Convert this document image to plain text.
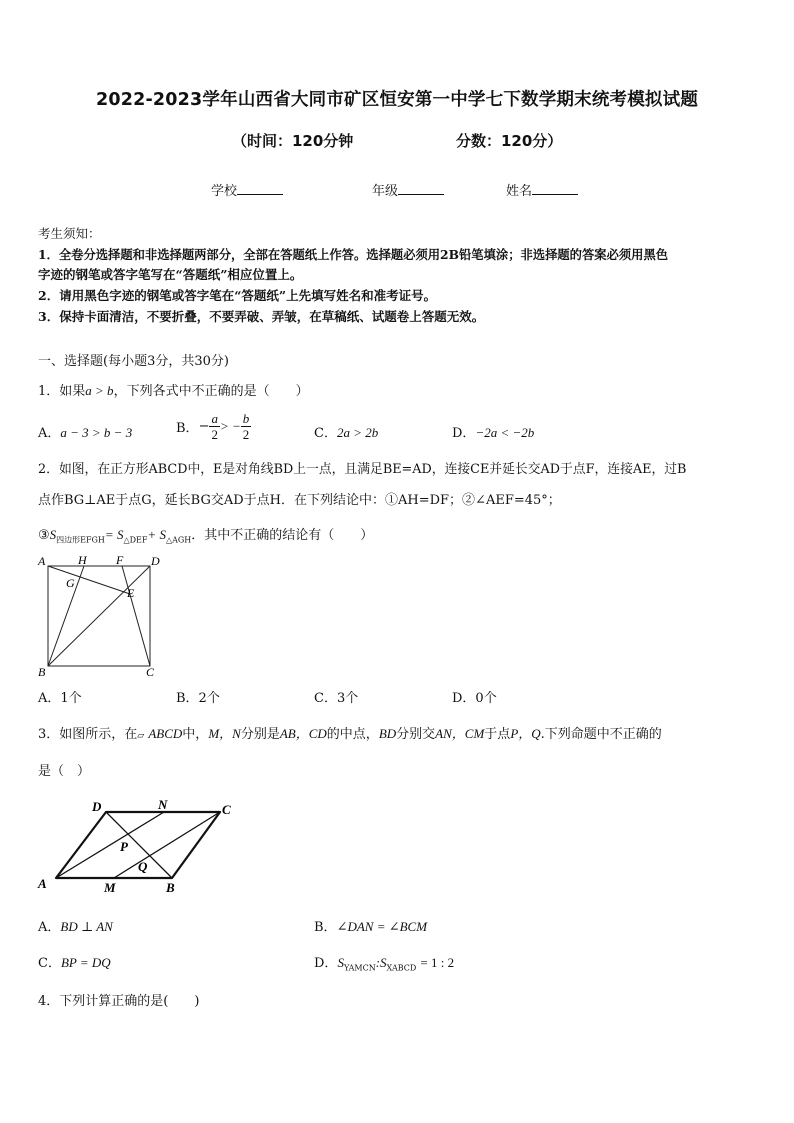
2022-2023学年山西省大同市矿区恒安第一中学七下数学期末统考模拟试题
（时间：120分钟	分数：120分）
学校	年级	姓名
考生须知：
1．全卷分选择题和非选择题两部分，全部在答题纸上作答。选择题必须用2B铅笔填涂；非选择题的答案必须用黑色
字迹的钢笔或答字笔写在“答题纸”相应位置上。
2．请用黑色字迹的钢笔或答字笔在“答题纸”上先填写姓名和准考证号。
3．保持卡面清洁，不要折叠，不要弄破、弄皱，在草稿纸、试题卷上答题无效。
一、选择题(每小题3分，共30分)
1．如果a > b，下列各式中不正确的是（　　）
A．a − 3 > b − 3	B．− $\frac{a}{2}$ > − $\frac{b}{2}$	C．2a > 2b	D．−2a < −2b
2．如图，在正方形ABCD中，E是对角线BD上一点，且满足BE=AD，连接CE并延长交AD于点F，连接AE，过B
点作BG⊥AE于点G，延长BG交AD于点H．在下列结论中：①AH=DF；②∠AEF=45°；
$③S_{四边形EFGH}= S_{\triangle DEF}+ S_{\triangle AGH}$．其中不正确的结论有（　　）
A	H F D
G
E
B	C
A．1个	B．2个	C．3个	D．0个
3．如图所示，在▱ ABCD中，M，N分别是AB，CD的中点，BD分别交AN，CM于点P，Q.下列命题中不正确的
是（　）
D	N	C
P
Q
A	M	B
A．BD ⊥ AN	B．∠DAN = ∠BCM
C．BP = DQ	D．$S_{YAMCN}:S_{XABCD} = 1$ : 2
4．下列计算正确的是(　　)
